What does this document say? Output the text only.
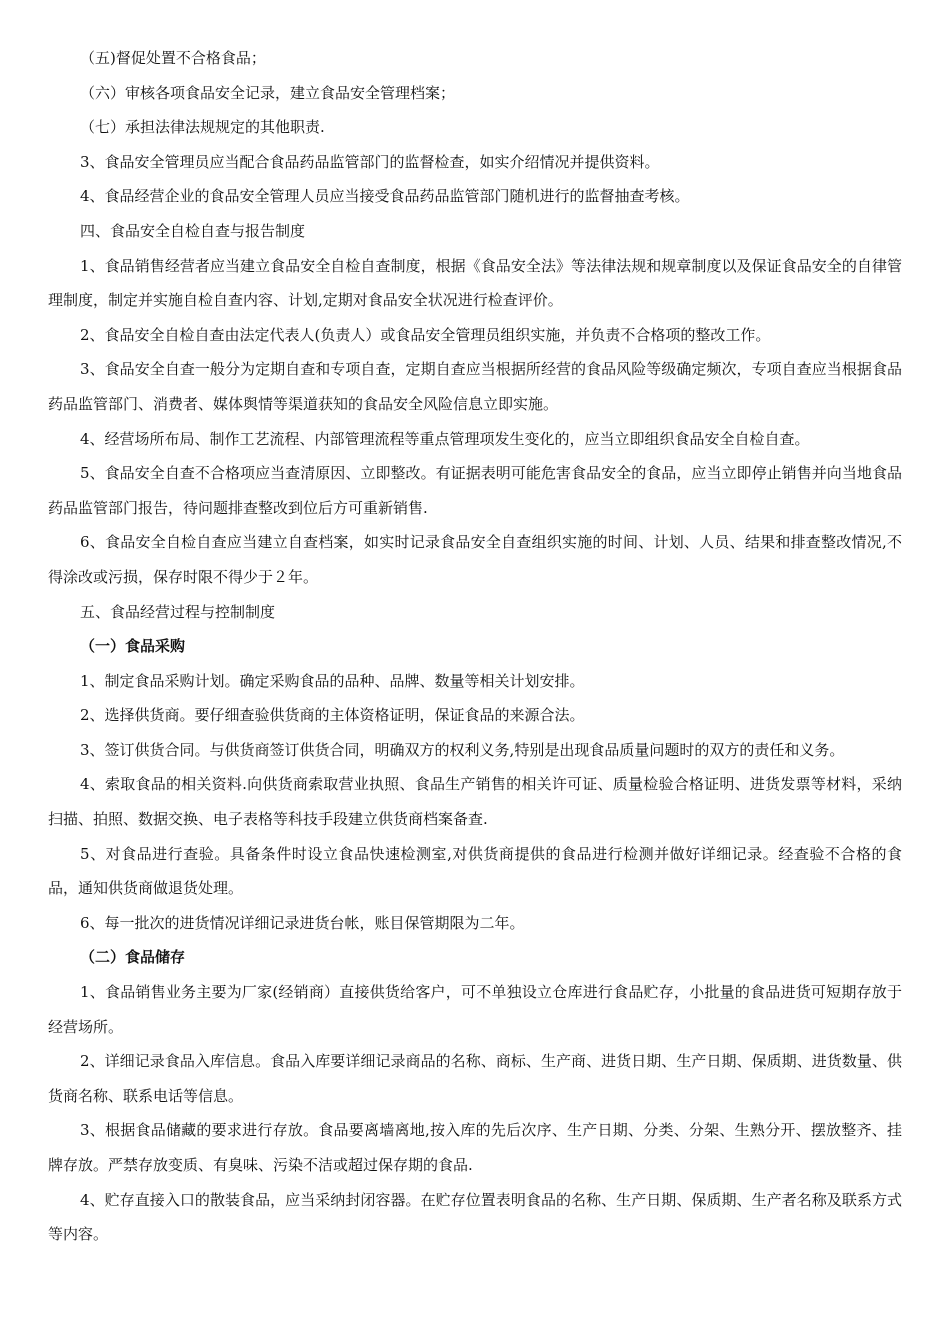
（五)督促处置不合格食品；

（六）审核各项食品安全记录，建立食品安全管理档案；

（七）承担法律法规规定的其他职责.

3、食品安全管理员应当配合食品药品监管部门的监督检查，如实介绍情况并提供资料。

4、食品经营企业的食品安全管理人员应当接受食品药品监管部门随机进行的监督抽查考核。

四、食品安全自检自查与报告制度

1、食品销售经营者应当建立食品安全自检自查制度，根据《食品安全法》等法律法规和规章制度以及保证食品安全的自律管理制度，制定并实施自检自查内容、计划,定期对食品安全状况进行检查评价。

2、食品安全自检自查由法定代表人(负责人）或食品安全管理员组织实施，并负责不合格项的整改工作。

3、食品安全自查一般分为定期自查和专项自查，定期自查应当根据所经营的食品风险等级确定频次，专项自查应当根据食品药品监管部门、消费者、媒体舆情等渠道获知的食品安全风险信息立即实施。

4、经营场所布局、制作工艺流程、内部管理流程等重点管理项发生变化的，应当立即组织食品安全自检自查。

5、食品安全自查不合格项应当查清原因、立即整改。有证据表明可能危害食品安全的食品，应当立即停止销售并向当地食品药品监管部门报告，待问题排查整改到位后方可重新销售.

6、食品安全自检自查应当建立自查档案，如实时记录食品安全自查组织实施的时间、计划、人员、结果和排查整改情况,不得涂改或污损，保存时限不得少于２年。

五、食品经营过程与控制制度

（一）食品采购

1、制定食品采购计划。确定采购食品的品种、品牌、数量等相关计划安排。

2、选择供货商。要仔细查验供货商的主体资格证明，保证食品的来源合法。

3、签订供货合同。与供货商签订供货合同，明确双方的权利义务,特别是出现食品质量问题时的双方的责任和义务。

4、索取食品的相关资料.向供货商索取营业执照、食品生产销售的相关许可证、质量检验合格证明、进货发票等材料，采纳扫描、拍照、数据交换、电子表格等科技手段建立供货商档案备查.

5、对食品进行查验。具备条件时设立食品快速检测室,对供货商提供的食品进行检测并做好详细记录。经查验不合格的食品，通知供货商做退货处理。

6、每一批次的进货情况详细记录进货台帐，账目保管期限为二年。

（二）食品储存

1、食品销售业务主要为厂家(经销商）直接供货给客户，可不单独设立仓库进行食品贮存，小批量的食品进货可短期存放于经营场所。

2、详细记录食品入库信息。食品入库要详细记录商品的名称、商标、生产商、进货日期、生产日期、保质期、进货数量、供货商名称、联系电话等信息。

3、根据食品储藏的要求进行存放。食品要离墙离地,按入库的先后次序、生产日期、分类、分架、生熟分开、摆放整齐、挂牌存放。严禁存放变质、有臭味、污染不洁或超过保存期的食品.

4、贮存直接入口的散装食品，应当采纳封闭容器。在贮存位置表明食品的名称、生产日期、保质期、生产者名称及联系方式等内容。
